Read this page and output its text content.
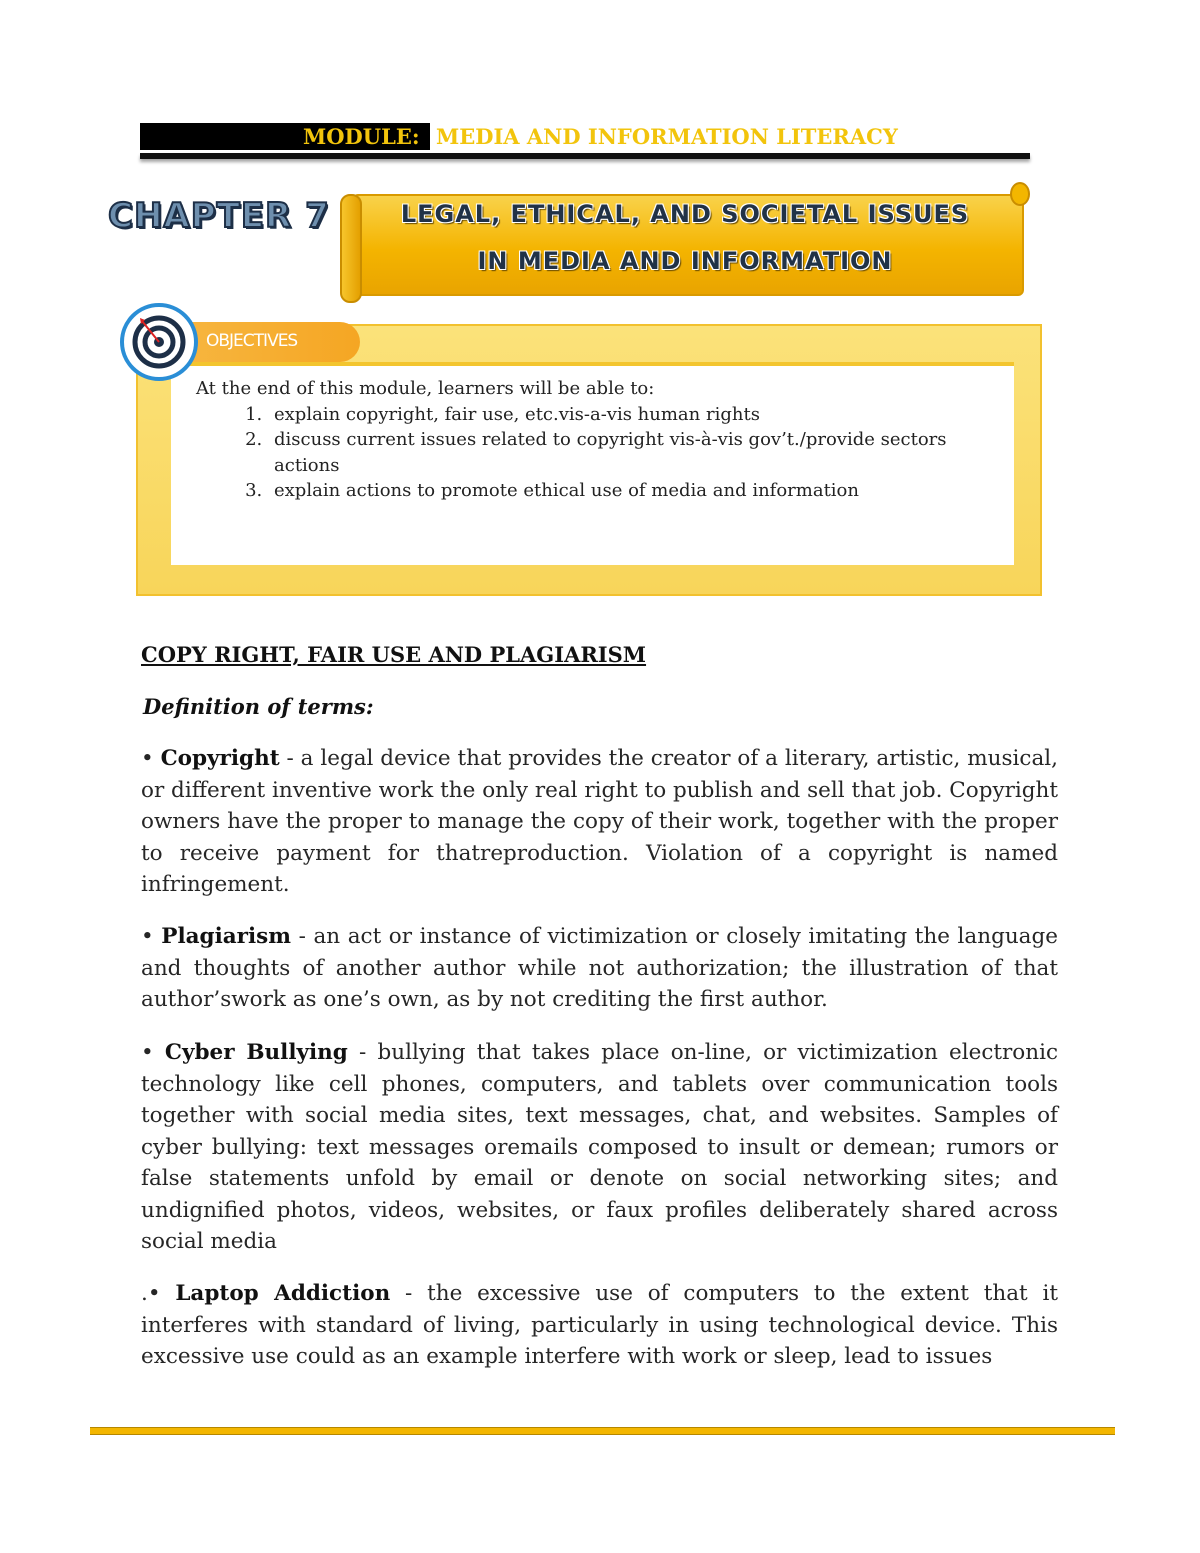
MODULE: MEDIA AND INFORMATION LITERACY
CHAPTER 7	LEGAL, ETHICAL, AND SOCIETAL ISSUES
IN MEDIA AND INFORMATION
OBJECTIVES
At the end of this module, learners will be able to:
1. explain copyright, fair use, etc.vis-a-vis human rights
2. discuss current issues related to copyright vis-à-vis gov’t./provide sectors actions
3. explain actions to promote ethical use of media and information
COPY RIGHT, FAIR USE AND PLAGIARISM
Definition of terms:
• Copyright - a legal device that provides the creator of a literary, artistic, musical, or different inventive work the only real right to publish and sell that job. Copyright owners have the proper to manage the copy of their work, together with the proper to receive payment for thatreproduction. Violation of a copyright is named infringement.
• Plagiarism - an act or instance of victimization or closely imitating the language and thoughts of another author while not authorization; the illustration of that author’swork as one’s own, as by not crediting the first author.
• Cyber Bullying - bullying that takes place on-line, or victimization electronic technology like cell phones, computers, and tablets over communication tools together with social media sites, text messages, chat, and websites. Samples of cyber bullying: text messages oremails composed to insult or demean; rumors or false statements unfold by email or denote on social networking sites; and undignified photos, videos, websites, or faux profiles deliberately shared across social media
.• Laptop Addiction - the excessive use of computers to the extent that it interferes with standard of living, particularly in using technological device. This excessive use could as an example interfere with work or sleep, lead to issues
